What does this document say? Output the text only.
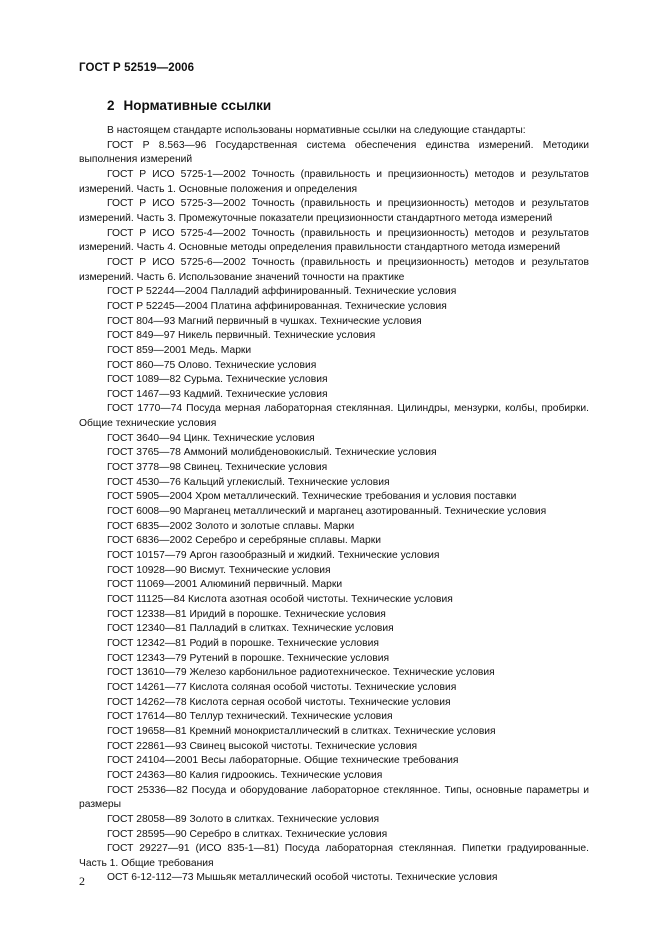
ГОСТ Р 52519—2006
2 Нормативные ссылки

В настоящем стандарте использованы нормативные ссылки на следующие стандарты:

ГОСТ Р 8.563—96 Государственная система обеспечения единства измерений. Методики выполнения измерений

ГОСТ Р ИСО 5725-1—2002 Точность (правильность и прецизионность) методов и результатов измерений. Часть 1. Основные положения и определения

ГОСТ Р ИСО 5725-3—2002 Точность (правильность и прецизионность) методов и результатов измерений. Часть 3. Промежуточные показатели прецизионности стандартного метода измерений

ГОСТ Р ИСО 5725-4—2002 Точность (правильность и прецизионность) методов и результатов измерений. Часть 4. Основные методы определения правильности стандартного метода измерений

ГОСТ Р ИСО 5725-6—2002 Точность (правильность и прецизионность) методов и результатов измерений. Часть 6. Использование значений точности на практике

ГОСТ Р 52244—2004 Палладий аффинированный. Технические условия

ГОСТ Р 52245—2004 Платина аффинированная. Технические условия

ГОСТ 804—93 Магний первичный в чушках. Технические условия

ГОСТ 849—97 Никель первичный. Технические условия

ГОСТ 859—2001 Медь. Марки

ГОСТ 860—75 Олово. Технические условия

ГОСТ 1089—82 Сурьма. Технические условия

ГОСТ 1467—93 Кадмий. Технические условия

ГОСТ 1770—74 Посуда мерная лабораторная стеклянная. Цилиндры, мензурки, колбы, пробирки. Общие технические условия

ГОСТ 3640—94 Цинк. Технические условия

ГОСТ 3765—78 Аммоний молибденовокислый. Технические условия

ГОСТ 3778—98 Свинец. Технические условия

ГОСТ 4530—76 Кальций углекислый. Технические условия

ГОСТ 5905—2004 Хром металлический. Технические требования и условия поставки

ГОСТ 6008—90 Марганец металлический и марганец азотированный. Технические условия

ГОСТ 6835—2002 Золото и золотые сплавы. Марки

ГОСТ 6836—2002 Серебро и серебряные сплавы. Марки

ГОСТ 10157—79 Аргон газообразный и жидкий. Технические условия

ГОСТ 10928—90 Висмут. Технические условия

ГОСТ 11069—2001 Алюминий первичный. Марки

ГОСТ 11125—84 Кислота азотная особой чистоты. Технические условия

ГОСТ 12338—81 Иридий в порошке. Технические условия

ГОСТ 12340—81 Палладий в слитках. Технические условия

ГОСТ 12342—81 Родий в порошке. Технические условия

ГОСТ 12343—79 Рутений в порошке. Технические условия

ГОСТ 13610—79 Железо карбонильное радиотехническое. Технические условия

ГОСТ 14261—77 Кислота соляная особой чистоты. Технические условия

ГОСТ 14262—78 Кислота серная особой чистоты. Технические условия

ГОСТ 17614—80 Теллур технический. Технические условия

ГОСТ 19658—81 Кремний монокристаллический в слитках. Технические условия

ГОСТ 22861—93 Свинец высокой чистоты. Технические условия

ГОСТ 24104—2001 Весы лабораторные. Общие технические требования

ГОСТ 24363—80 Калия гидроокись. Технические условия

ГОСТ 25336—82 Посуда и оборудование лабораторное стеклянное. Типы, основные параметры и размеры

ГОСТ 28058—89 Золото в слитках. Технические условия

ГОСТ 28595—90 Серебро в слитках. Технические условия

ГОСТ 29227—91 (ИСО 835-1—81) Посуда лабораторная стеклянная. Пипетки градуированные. Часть 1. Общие требования

ОСТ 6-12-112—73 Мышьяк металлический особой чистоты. Технические условия

2
